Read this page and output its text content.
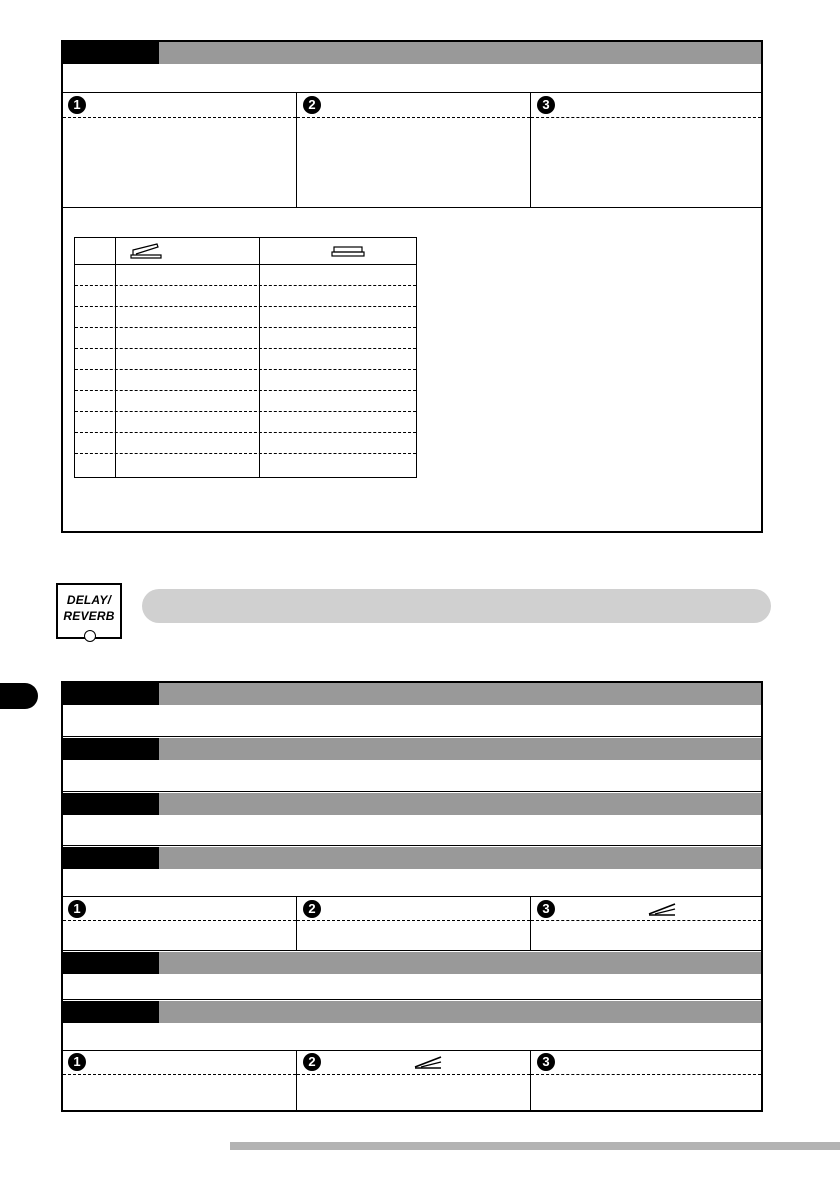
1	2	3
DELAY/
REVERB
1	2	3
1	2	3
